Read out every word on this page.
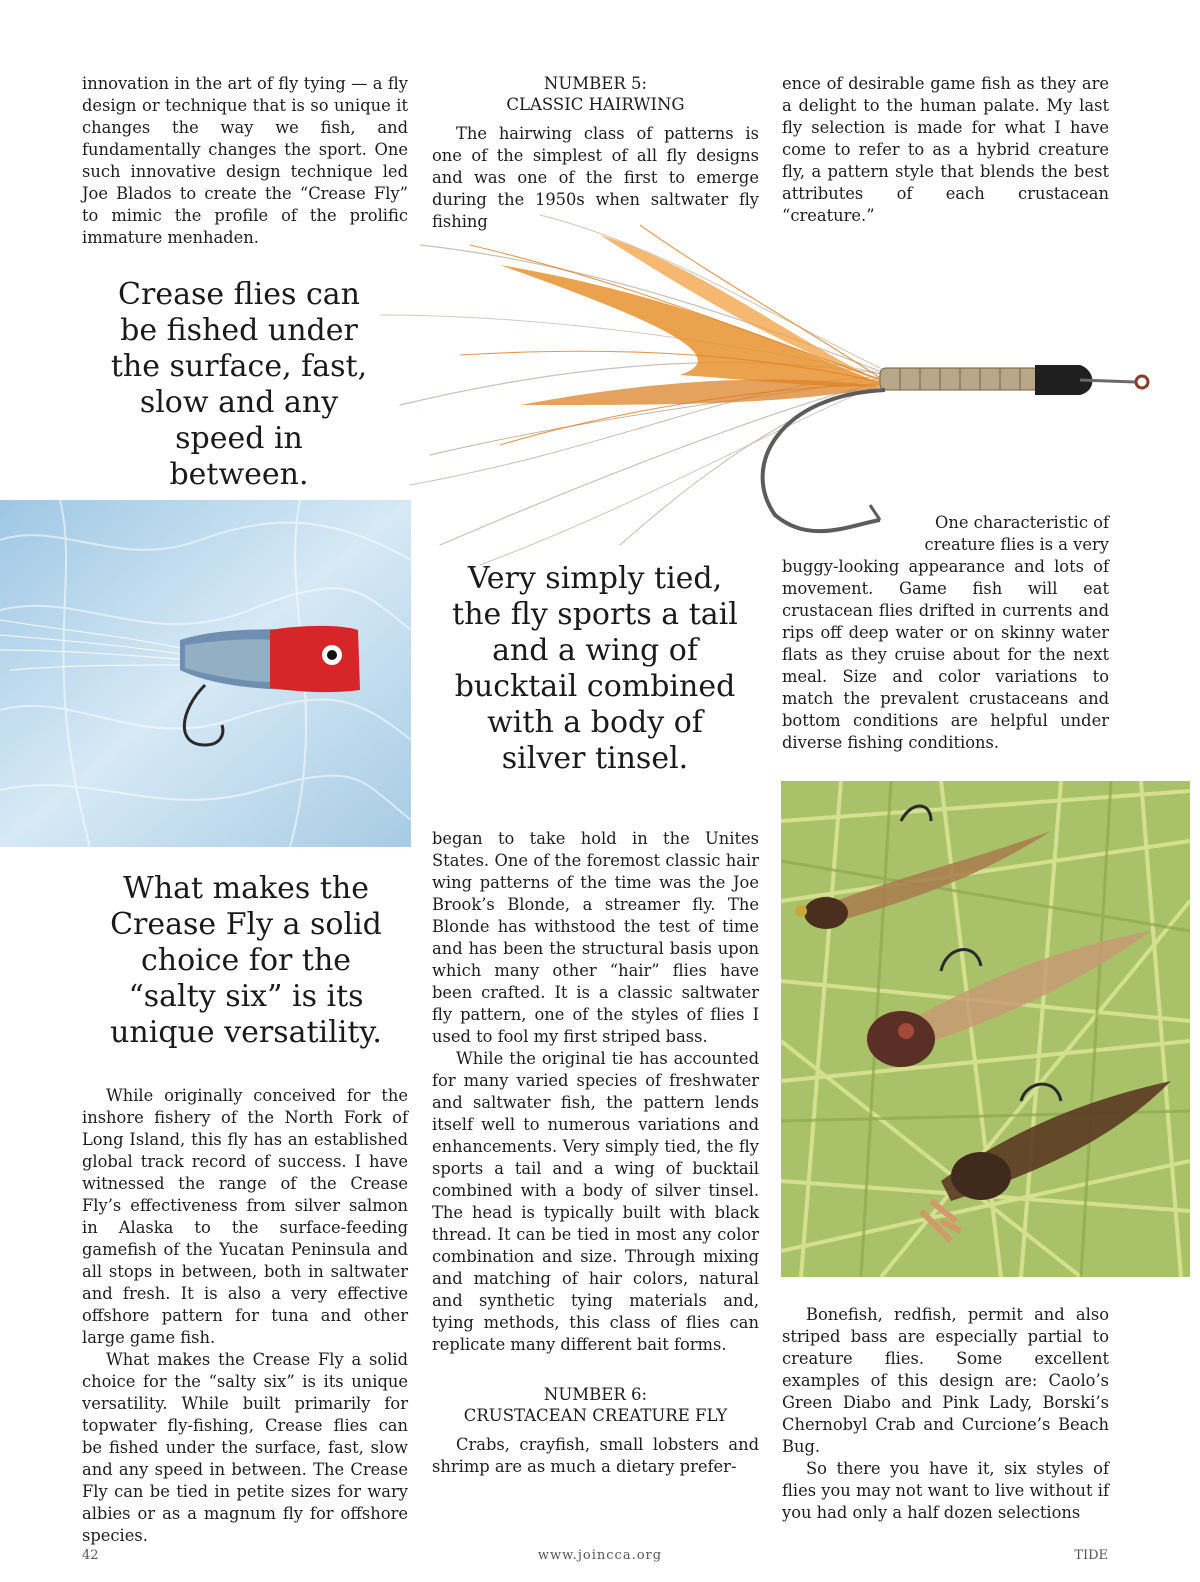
innovation in the art of fly tying — a fly design or technique that is so unique it changes the way we fish, and fundamentally changes the sport. One such innovative design technique led Joe Blados to create the “Crease Fly” to mimic the profile of the prolific immature menhaden.

NUMBER 5:
CLASSIC HAIRWING

The hairwing class of patterns is one of the simplest of all fly designs and was one of the first to emerge during the 1950s when saltwater fly fishing

ence of desirable game fish as they are a delight to the human palate. My last fly selection is made for what I have come to refer to as a hybrid creature fly, a pattern style that blends the best attributes of each crustacean “creature.”

Crease flies can be fished under the surface, fast, slow and any speed in between.
Very simply tied, the fly sports a tail and a wing of bucktail combined with a body of silver tinsel.
One characteristic of
creature flies is a very

buggy-looking appearance and lots of movement. Game fish will eat crustacean flies drifted in currents and rips off deep water or on skinny water flats as they cruise about for the next meal. Size and color variations to match the prevalent crustaceans and bottom conditions are helpful under diverse fishing conditions.

What makes the Crease Fly a solid choice for the “salty six” is its unique versatility.

While originally conceived for the inshore fishery of the North Fork of Long Island, this fly has an established global track record of success. I have witnessed the range of the Crease Fly’s effectiveness from silver salmon in Alaska to the surface-feeding gamefish of the Yucatan Peninsula and all stops in between, both in saltwater and fresh. It is also a very effective offshore pattern for tuna and other large game fish.

What makes the Crease Fly a solid choice for the “salty six” is its unique versatility. While built primarily for topwater fly-fishing, Crease flies can be fished under the surface, fast, slow and any speed in between. The Crease Fly can be tied in petite sizes for wary albies or as a magnum fly for offshore species.

began to take hold in the Unites States. One of the foremost classic hair wing patterns of the time was the Joe Brook’s Blonde, a streamer fly. The Blonde has withstood the test of time and has been the structural basis upon which many other “hair” flies have been crafted. It is a classic saltwater fly pattern, one of the styles of flies I used to fool my first striped bass.

While the original tie has accounted for many varied species of freshwater and saltwater fish, the pattern lends itself well to numerous variations and enhancements. Very simply tied, the fly sports a tail and a wing of bucktail combined with a body of silver tinsel. The head is typically built with black thread. It can be tied in most any color combination and size. Through mixing and matching of hair colors, natural and synthetic tying materials and, tying methods, this class of flies can replicate many different bait forms.

NUMBER 6:
CRUSTACEAN CREATURE FLY

Crabs, crayfish, small lobsters and shrimp are as much a dietary prefer-

Bonefish, redfish, permit and also striped bass are especially partial to creature flies. Some excellent examples of this design are: Caolo’s Green Diabo and Pink Lady, Borski’s Chernobyl Crab and Curcione’s Beach Bug.

So there you have it, six styles of flies you may not want to live without if you had only a half dozen selections

42	www.joincca.org	TIDE
